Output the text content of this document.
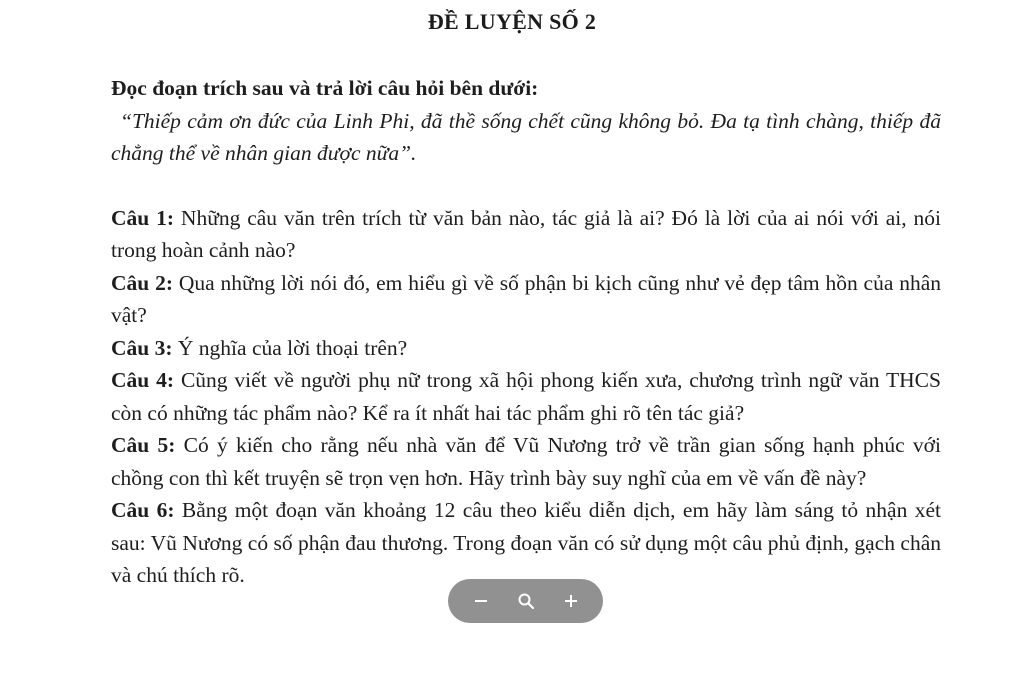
ĐỀ LUYỆN SỐ 2

Đọc đoạn trích sau và trả lời câu hỏi bên dưới:

“Thiếp cảm ơn đức của Linh Phi, đã thề sống chết cũng không bỏ. Đa tạ tình chàng, thiếp đã chẳng thể về nhân gian được nữa”.

Câu 1: Những câu văn trên trích từ văn bản nào, tác giả là ai? Đó là lời của ai nói với ai, nói trong hoàn cảnh nào?

Câu 2: Qua những lời nói đó, em hiểu gì về số phận bi kịch cũng như vẻ đẹp tâm hồn của nhân vật?

Câu 3: Ý nghĩa của lời thoại trên?

Câu 4: Cũng viết về người phụ nữ trong xã hội phong kiến xưa, chương trình ngữ văn THCS còn có những tác phẩm nào? Kể ra ít nhất hai tác phẩm ghi rõ tên tác giả?

Câu 5: Có ý kiến cho rằng nếu nhà văn để Vũ Nương trở về trần gian sống hạnh phúc với chồng con thì kết truyện sẽ trọn vẹn hơn. Hãy trình bày suy nghĩ của em về vấn đề này?

Câu 6: Bằng một đoạn văn khoảng 12 câu theo kiểu diễn dịch, em hãy làm sáng tỏ nhận xét sau: Vũ Nương có số phận đau thương. Trong đoạn văn có sử dụng một câu phủ định, gạch chân và chú thích rõ.
